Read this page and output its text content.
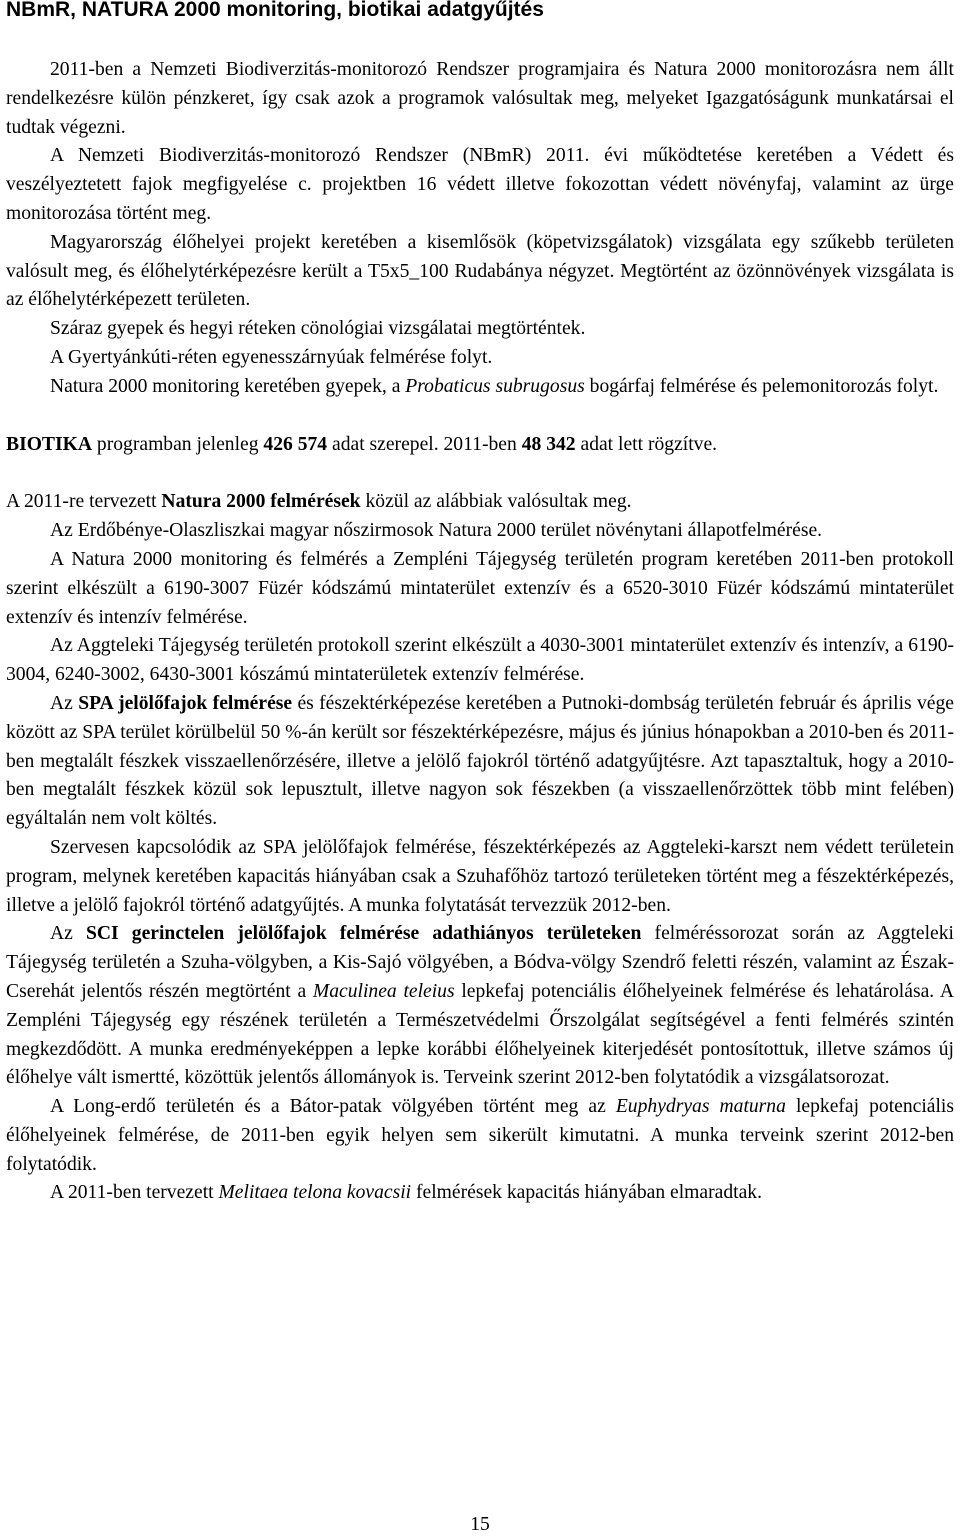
NBmR, NATURA 2000 monitoring, biotikai adatgyűjtés

2011-ben a Nemzeti Biodiverzitás-monitorozó Rendszer programjaira és Natura 2000 monitorozásra nem állt rendelkezésre külön pénzkeret, így csak azok a programok valósultak meg, melyeket Igazgatóságunk munkatársai el tudtak végezni.

A Nemzeti Biodiverzitás-monitorozó Rendszer (NBmR) 2011. évi működtetése keretében a Védett és veszélyeztetett fajok megfigyelése c. projektben 16 védett illetve fokozottan védett növényfaj, valamint az ürge monitorozása történt meg.

Magyarország élőhelyei projekt keretében a kisemlősök (köpetvizsgálatok) vizsgálata egy szűkebb területen valósult meg, és élőhelytérképezésre került a T5x5_100 Rudabánya négyzet. Megtörtént az özönnövények vizsgálata is az élőhelytérképezett területen.

Száraz gyepek és hegyi réteken cönológiai vizsgálatai megtörténtek.

A Gyertyánkúti-réten egyenesszárnyúak felmérése folyt.

Natura 2000 monitoring keretében gyepek, a Probaticus subrugosus bogárfaj felmérése és pelemonitorozás folyt.

BIOTIKA programban jelenleg 426 574 adat szerepel. 2011-ben 48 342 adat lett rögzítve.

A 2011-re tervezett Natura 2000 felmérések közül az alábbiak valósultak meg.

Az Erdőbénye-Olaszliszkai magyar nőszirmosok Natura 2000 terület növénytani állapotfelmérése.

A Natura 2000 monitoring és felmérés a Zempléni Tájegység területén program keretében 2011-ben protokoll szerint elkészült a 6190-3007 Füzér kódszámú mintaterület extenzív és a 6520-3010 Füzér kódszámú mintaterület extenzív és intenzív felmérése.

Az Aggteleki Tájegység területén protokoll szerint elkészült a 4030-3001 mintaterület extenzív és intenzív, a 6190-3004, 6240-3002, 6430-3001 kószámú mintaterületek extenzív felmérése.

Az SPA jelölőfajok felmérése és fészektérképezése keretében a Putnoki-dombság területén február és április vége között az SPA terület körülbelül 50 %-án került sor fészektérképezésre, május és június hónapokban a 2010-ben és 2011-ben megtalált fészkek visszaellenőrzésére, illetve a jelölő fajokról történő adatgyűjtésre. Azt tapasztaltuk, hogy a 2010-ben megtalált fészkek közül sok lepusztult, illetve nagyon sok fészekben (a visszaellenőrzöttek több mint felében) egyáltalán nem volt költés.

Szervesen kapcsolódik az SPA jelölőfajok felmérése, fészektérképezés az Aggteleki-karszt nem védett területein program, melynek keretében kapacitás hiányában csak a Szuhafőhöz tartozó területeken történt meg a fészektérképezés, illetve a jelölő fajokról történő adatgyűjtés. A munka folytatását tervezzük 2012-ben.

Az SCI gerinctelen jelölőfajok felmérése adathiányos területeken felméréssorozat során az Aggteleki Tájegység területén a Szuha-völgyben, a Kis-Sajó völgyében, a Bódva-völgy Szendrő feletti részén, valamint az Észak-Cserehát jelentős részén megtörtént a Maculinea teleius lepkefaj potenciális élőhelyeinek felmérése és lehatárolása. A Zempléni Tájegység egy részének területén a Természetvédelmi Őrszolgálat segítségével a fenti felmérés szintén megkezdődött. A munka eredményeképpen a lepke korábbi élőhelyeinek kiterjedését pontosítottuk, illetve számos új élőhelye vált ismertté, közöttük jelentős állományok is. Terveink szerint 2012-ben folytatódik a vizsgálatsorozat.

A Long-erdő területén és a Bátor-patak völgyében történt meg az Euphydryas maturna lepkefaj potenciális élőhelyeinek felmérése, de 2011-ben egyik helyen sem sikerült kimutatni. A munka terveink szerint 2012-ben folytatódik.

A 2011-ben tervezett Melitaea telona kovacsii felmérések kapacitás hiányában elmaradtak.

15
